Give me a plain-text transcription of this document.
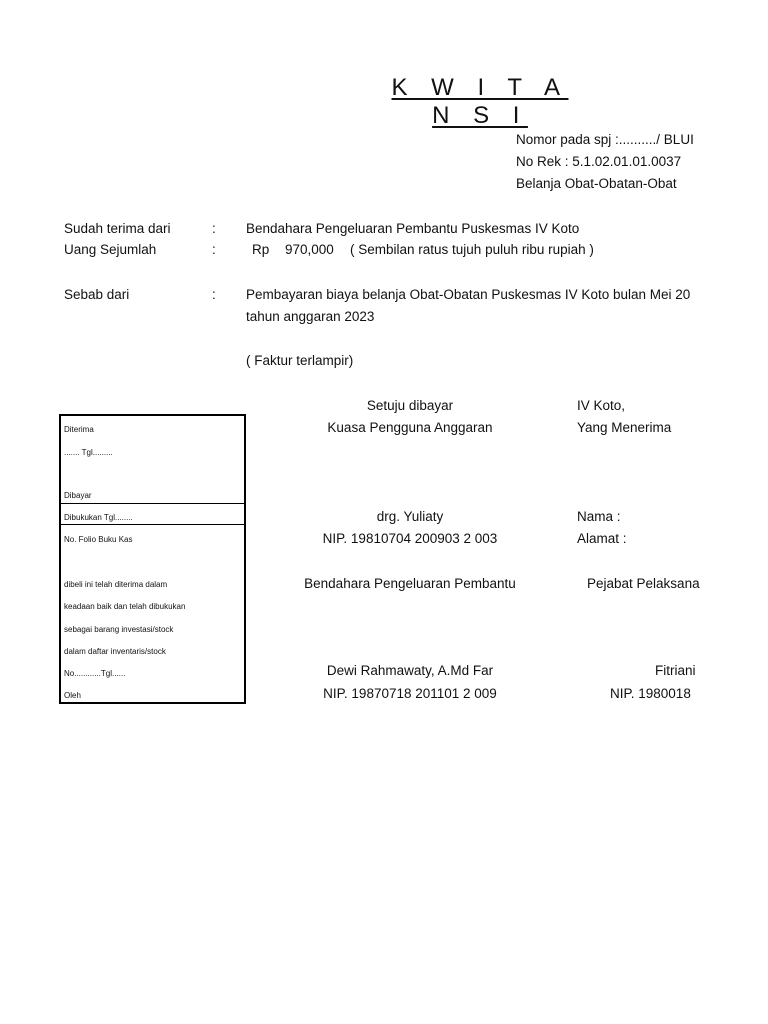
K W I T A N S I
Nomor pada spj :........../ BLUI
No Rek : 5.1.02.01.01.0037
Belanja Obat-Obatan-Obat
Sudah terima dari	: Bendahara Pengeluaran Pembantu Puskesmas IV Koto
Uang Sejumlah	:	Rp 970,000 ( Sembilan ratus tujuh puluh ribu rupiah )
Sebab dari	: Pembayaran biaya belanja Obat-Obatan Puskesmas IV Koto bulan Mei 20
tahun anggaran 2023
( Faktur terlampir)
Diterima
....... Tgl.........
Dibayar
Dibukukan Tgl........
No. Folio Buku Kas
dibeli ini telah diterima dalam
keadaan baik dan telah dibukukan
sebagai barang investasi/stock
dalam daftar inventaris/stock
No............Tgl......
Oleh
Setuju dibayar
Kuasa Pengguna Anggaran
drg. Yuliaty
NIP. 19810704 200903 2 003
Bendahara Pengeluaran Pembantu
Dewi Rahmawaty, A.Md Far
NIP. 19870718 201101 2 009
IV Koto,
Yang Menerima
Nama :
Alamat :
Pejabat Pelaksana
Fitriani
NIP. 1980018
